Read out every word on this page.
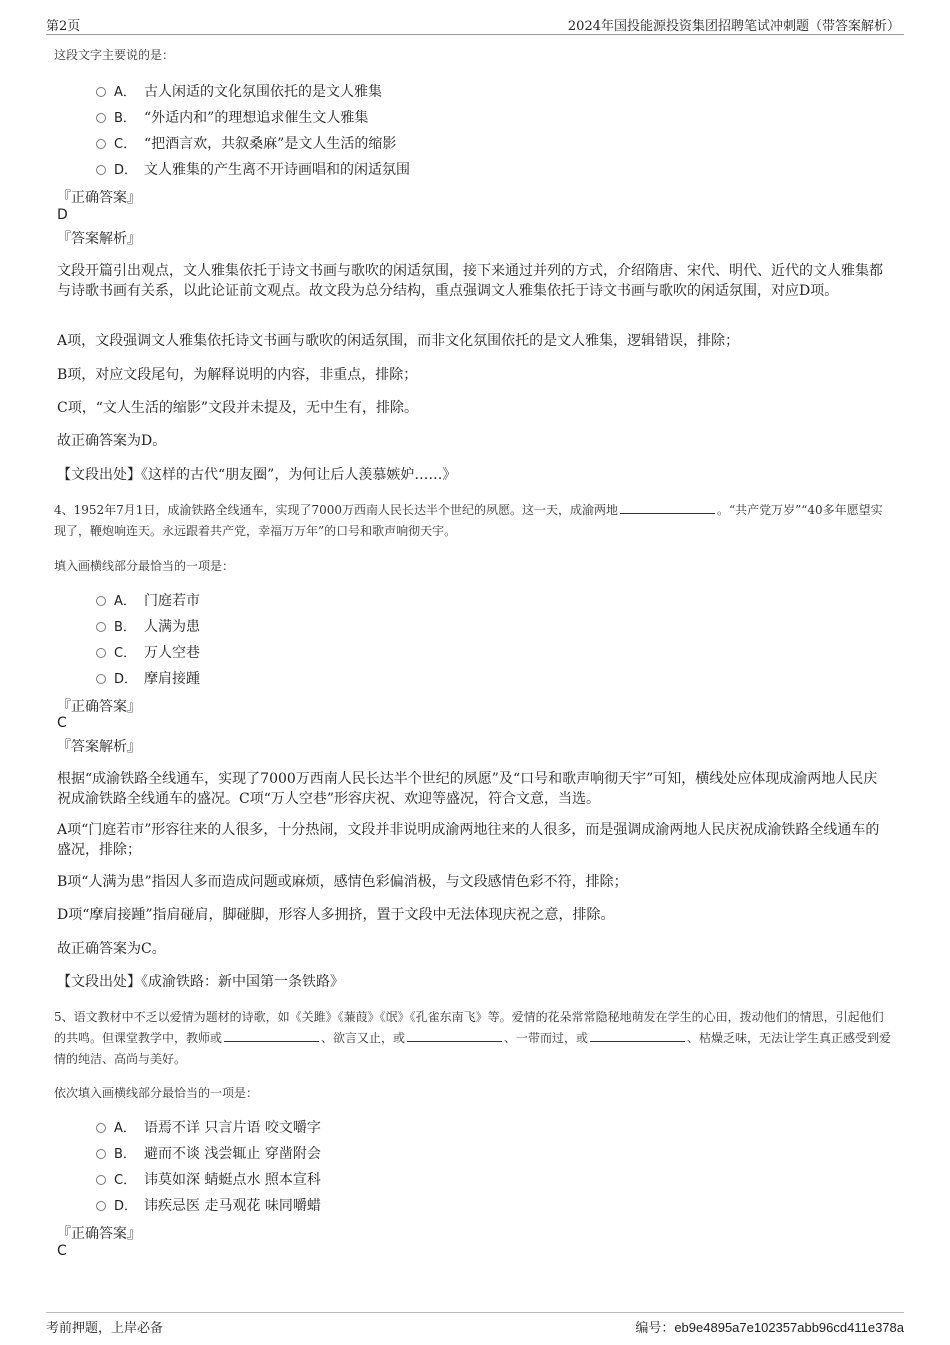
第2页	2024年国投能源投资集团招聘笔试冲刺题（带答案解析）
这段文字主要说的是：
A． 古人闲适的文化氛围依托的是文人雅集
B． “外适内和”的理想追求催生文人雅集
C． “把酒言欢，共叙桑麻”是文人生活的缩影
D． 文人雅集的产生离不开诗画唱和的闲适氛围
『正确答案』
D
『答案解析』
文段开篇引出观点，文人雅集依托于诗文书画与歌吹的闲适氛围，接下来通过并列的方式，介绍隋唐、宋代、明代、近代的文人雅集都与诗歌书画有关系，以此论证前文观点。故文段为总分结构，重点强调文人雅集依托于诗文书画与歌吹的闲适氛围，对应D项。
A项，文段强调文人雅集依托诗文书画与歌吹的闲适氛围，而非文化氛围依托的是文人雅集，逻辑错误，排除；
B项，对应文段尾句，为解释说明的内容，非重点，排除；
C项，“文人生活的缩影”文段并未提及，无中生有，排除。
故正确答案为D。
【文段出处】《这样的古代“朋友圈”，为何让后人羡慕嫉妒……》
4、1952年7月1日，成渝铁路全线通车，实现了7000万西南人民长达半个世纪的夙愿。这一天，成渝两地	。“共产党万岁”“40多年愿望实现了，鞭炮响连天。永远跟着共产党，幸福万万年”的口号和歌声响彻天宇。
填入画横线部分最恰当的一项是：
A． 门庭若市
B． 人满为患
C． 万人空巷
D． 摩肩接踵
『正确答案』
C
『答案解析』
根据“成渝铁路全线通车，实现了7000万西南人民长达半个世纪的夙愿”及“口号和歌声响彻天宇”可知，横线处应体现成渝两地人民庆祝成渝铁路全线通车的盛况。C项“万人空巷”形容庆祝、欢迎等盛况，符合文意，当选。
A项“门庭若市”形容往来的人很多，十分热闹，文段并非说明成渝两地往来的人很多，而是强调成渝两地人民庆祝成渝铁路全线通车的盛况，排除；
B项“人满为患”指因人多而造成问题或麻烦，感情色彩偏消极，与文段感情色彩不符，排除；
D项“摩肩接踵”指肩碰肩，脚碰脚，形容人多拥挤，置于文段中无法体现庆祝之意，排除。
故正确答案为C。
【文段出处】《成渝铁路：新中国第一条铁路》
5、语文教材中不乏以爱情为题材的诗歌，如《关雎》《蒹葭》《氓》《孔雀东南飞》等。爱情的花朵常常隐秘地萌发在学生的心田，拨动他们的情思，引起他们的共鸣。但课堂教学中，教师或	、欲言又止，或	、一带而过，或	、枯燥乏味，无法让学生真正感受到爱情的纯洁、高尚与美好。
依次填入画横线部分最恰当的一项是：
A． 语焉不详 只言片语 咬文嚼字
B． 避而不谈 浅尝辄止 穿凿附会
C． 讳莫如深 蜻蜓点水 照本宣科
D． 讳疾忌医 走马观花 味同嚼蜡
『正确答案』
C
考前押题，上岸必备	编号：eb9e4895a7e102357abb96cd411e378a
